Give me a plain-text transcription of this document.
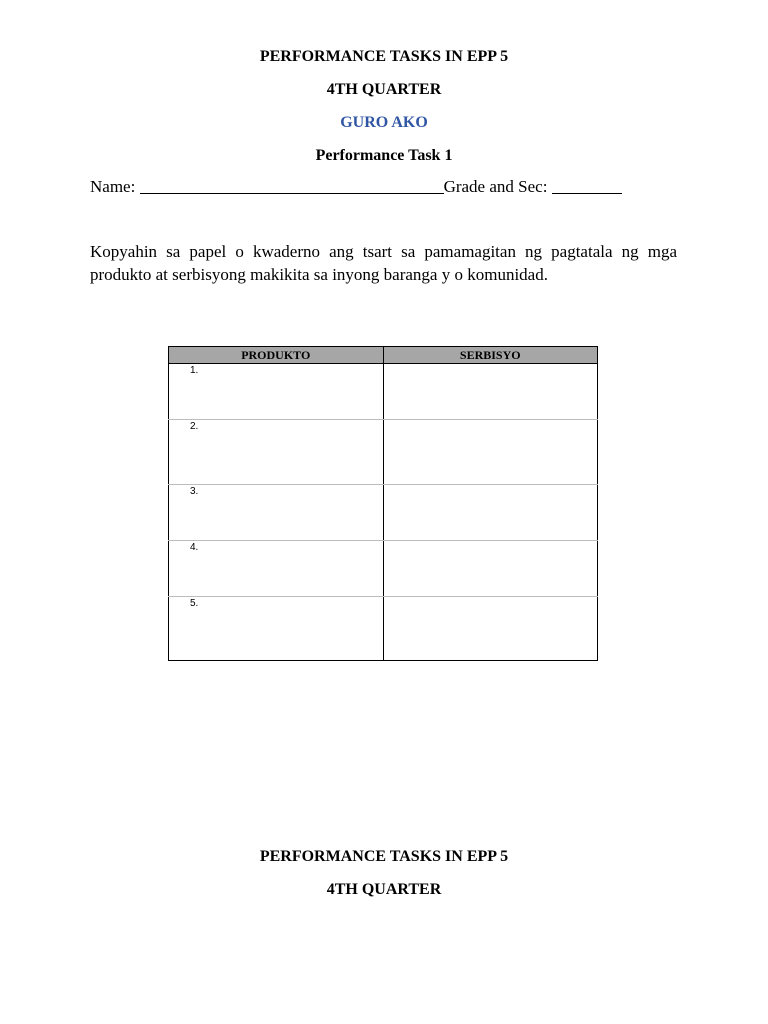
PERFORMANCE TASKS IN EPP 5
4TH QUARTER
GURO AKO
Performance Task 1
Name:	Grade and Sec:

Kopyahin sa papel o kwaderno ang tsart sa pamamagitan ng pagtatala ng mga produkto at serbisyong makikita sa inyong baranga y o komunidad.

PRODUKTO	SERBISYO

1.	

2.	

3.	

4.	

5.	

PERFORMANCE TASKS IN EPP 5
4TH QUARTER
